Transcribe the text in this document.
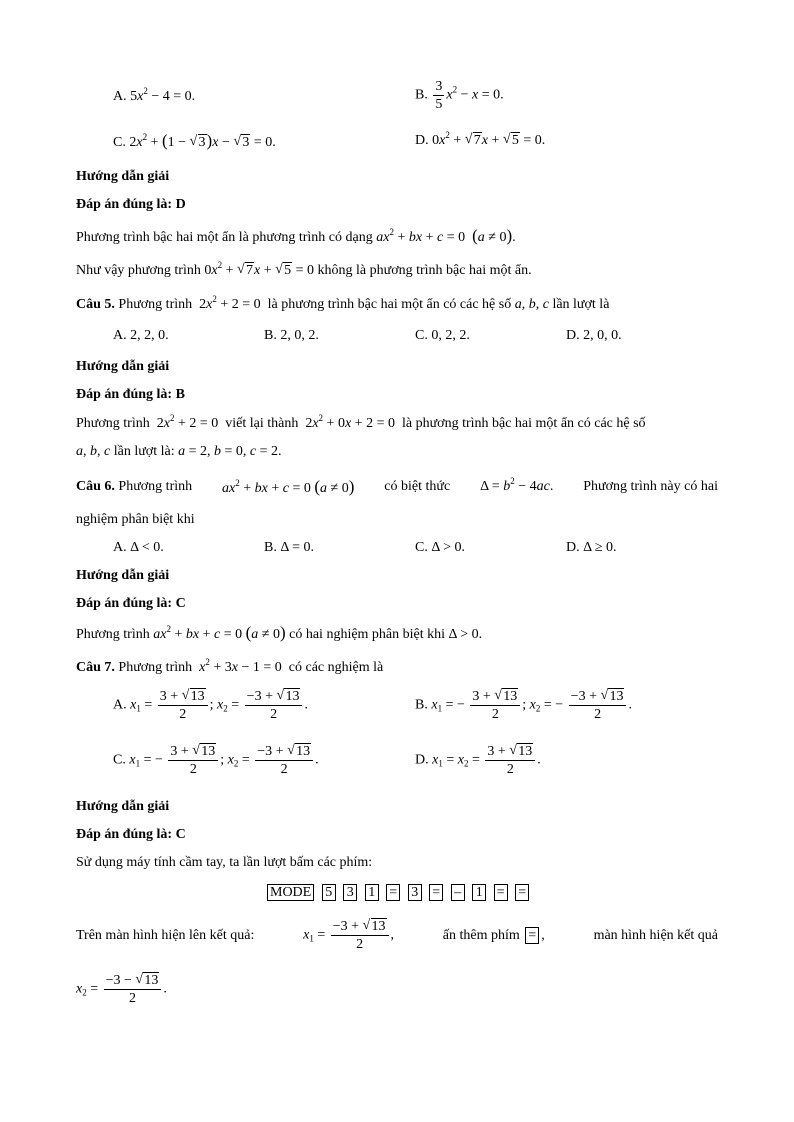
A. $5x^2 - 4 = 0$.	B. $\frac{3}{5} x^2 - x = 0$.
C. $2x^2 + (1$ − √ 3)x − √ 3 = 0.	D. $0x^2$ + √ 7x + √ 5 = 0.
Hướng dẫn giải
Đáp án đúng là: D
Phương trình bậc hai một ẩn là phương trình có dạng $ax^2$ + bx + c = 0  (a ≠ 0).
Như vậy phương trình $0x^2$ + √ 7x + √ 5 = 0 không là phương trình bậc hai một ẩn.
Câu 5. Phương trình  $2x^2 + 2 = 0$  là phương trình bậc hai một ẩn có các hệ số a, b, c lần lượt là
A. 2, 2, 0.	B. 2, 0, 2.	C. 0, 2, 2.	D. 2, 0, 0.
Hướng dẫn giải
Đáp án đúng là: B
Phương trình  $2x^2 + 2 = 0$  viết lại thành  $2x^2 + 0x + 2 = 0$  là phương trình bậc hai một ẩn có các hệ số
a, b, c lần lượt là: a = 2, b = 0, c = 2.
Câu 6. Phương trình $ax^2$ + bx + c = 0 (a ≠ 0) có biệt thức $\Delta = b^2 - 4ac$. Phương trình này có hai
nghiệm phân biệt khi
A. Δ < 0.	B. Δ = 0.	C. Δ > 0.	D. Δ ≥ 0.
Hướng dẫn giải
Đáp án đúng là: C
Phương trình $ax^2$ + bx + c = 0 (a ≠ 0) có hai nghiệm phân biệt khi Δ > 0.
Câu 7. Phương trình $x^2 + 3x - 1 = 0$  có các nghiệm là
A. $x_1 = \frac{3 + √ 13}{2}$ ; $x_2 = \frac{-3 + √ 13}{2}$ .	B. $x_1$ = − $\frac{3 + √ 13}{2}$ ; $x_2$ = − $\frac{-3 + √ 13}{2}$ .
C. $x_1$ = − $\frac{3 + √ 13}{2}$ ; $x_2 = \frac{-3 + √ 13}{2}$ .	D. $x_1 = x_2 = \frac{3 + √ 13}{2}$ .
Hướng dẫn giải
Đáp án đúng là: C
Sử dụng máy tính cầm tay, ta lần lượt bấm các phím:
MODE 5 3 1 = 3 = – 1 = =
Trên màn hình hiện lên kết quả:	$x_1 = \frac{-3 + √ 13}{2}$ ,	ấn thêm phím = ,	màn hình hiện kết quả
$x_2 = \frac{-3 - √ 13}{2}$ .
